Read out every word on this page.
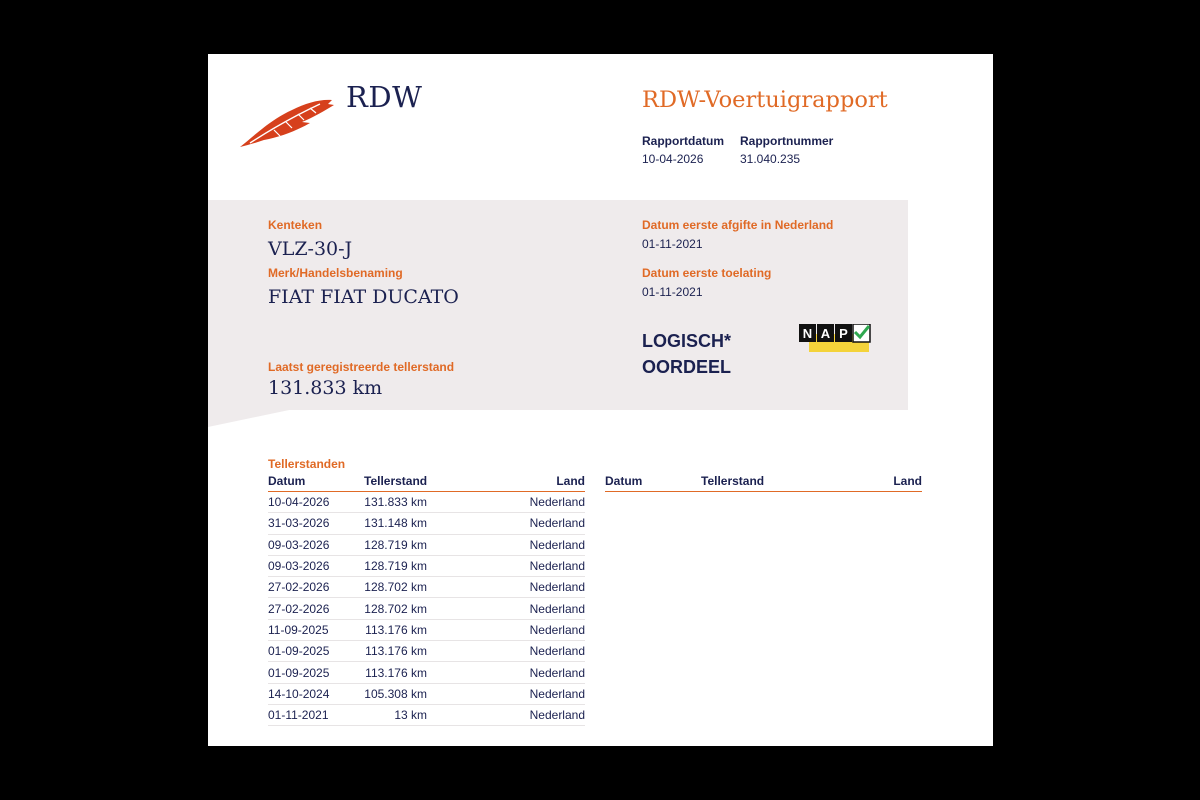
RDW	RDW-Voertuigrapport
Rapportdatum
10-04-2026
Rapportnummer
31.040.235
Kenteken
VLZ-30-J
Merk/Handelsbenaming
FIAT FIAT DUCATO
Laatst geregistreerde tellerstand
131.833 km
Datum eerste afgifte in Nederland
01-11-2021
Datum eerste toelating
01-11-2021
LOGISCH*
OORDEEL
N A P
Tellerstanden
Datum	Tellerstand	Land
10-04-2026	131.833 km	Nederland
31-03-2026	131.148 km	Nederland
09-03-2026	128.719 km	Nederland
09-03-2026	128.719 km	Nederland
27-02-2026	128.702 km	Nederland
27-02-2026	128.702 km	Nederland
11-09-2025	113.176 km	Nederland
01-09-2025	113.176 km	Nederland
01-09-2025	113.176 km	Nederland
14-10-2024	105.308 km	Nederland
01-11-2021	13 km	Nederland
Datum	Tellerstand	Land
